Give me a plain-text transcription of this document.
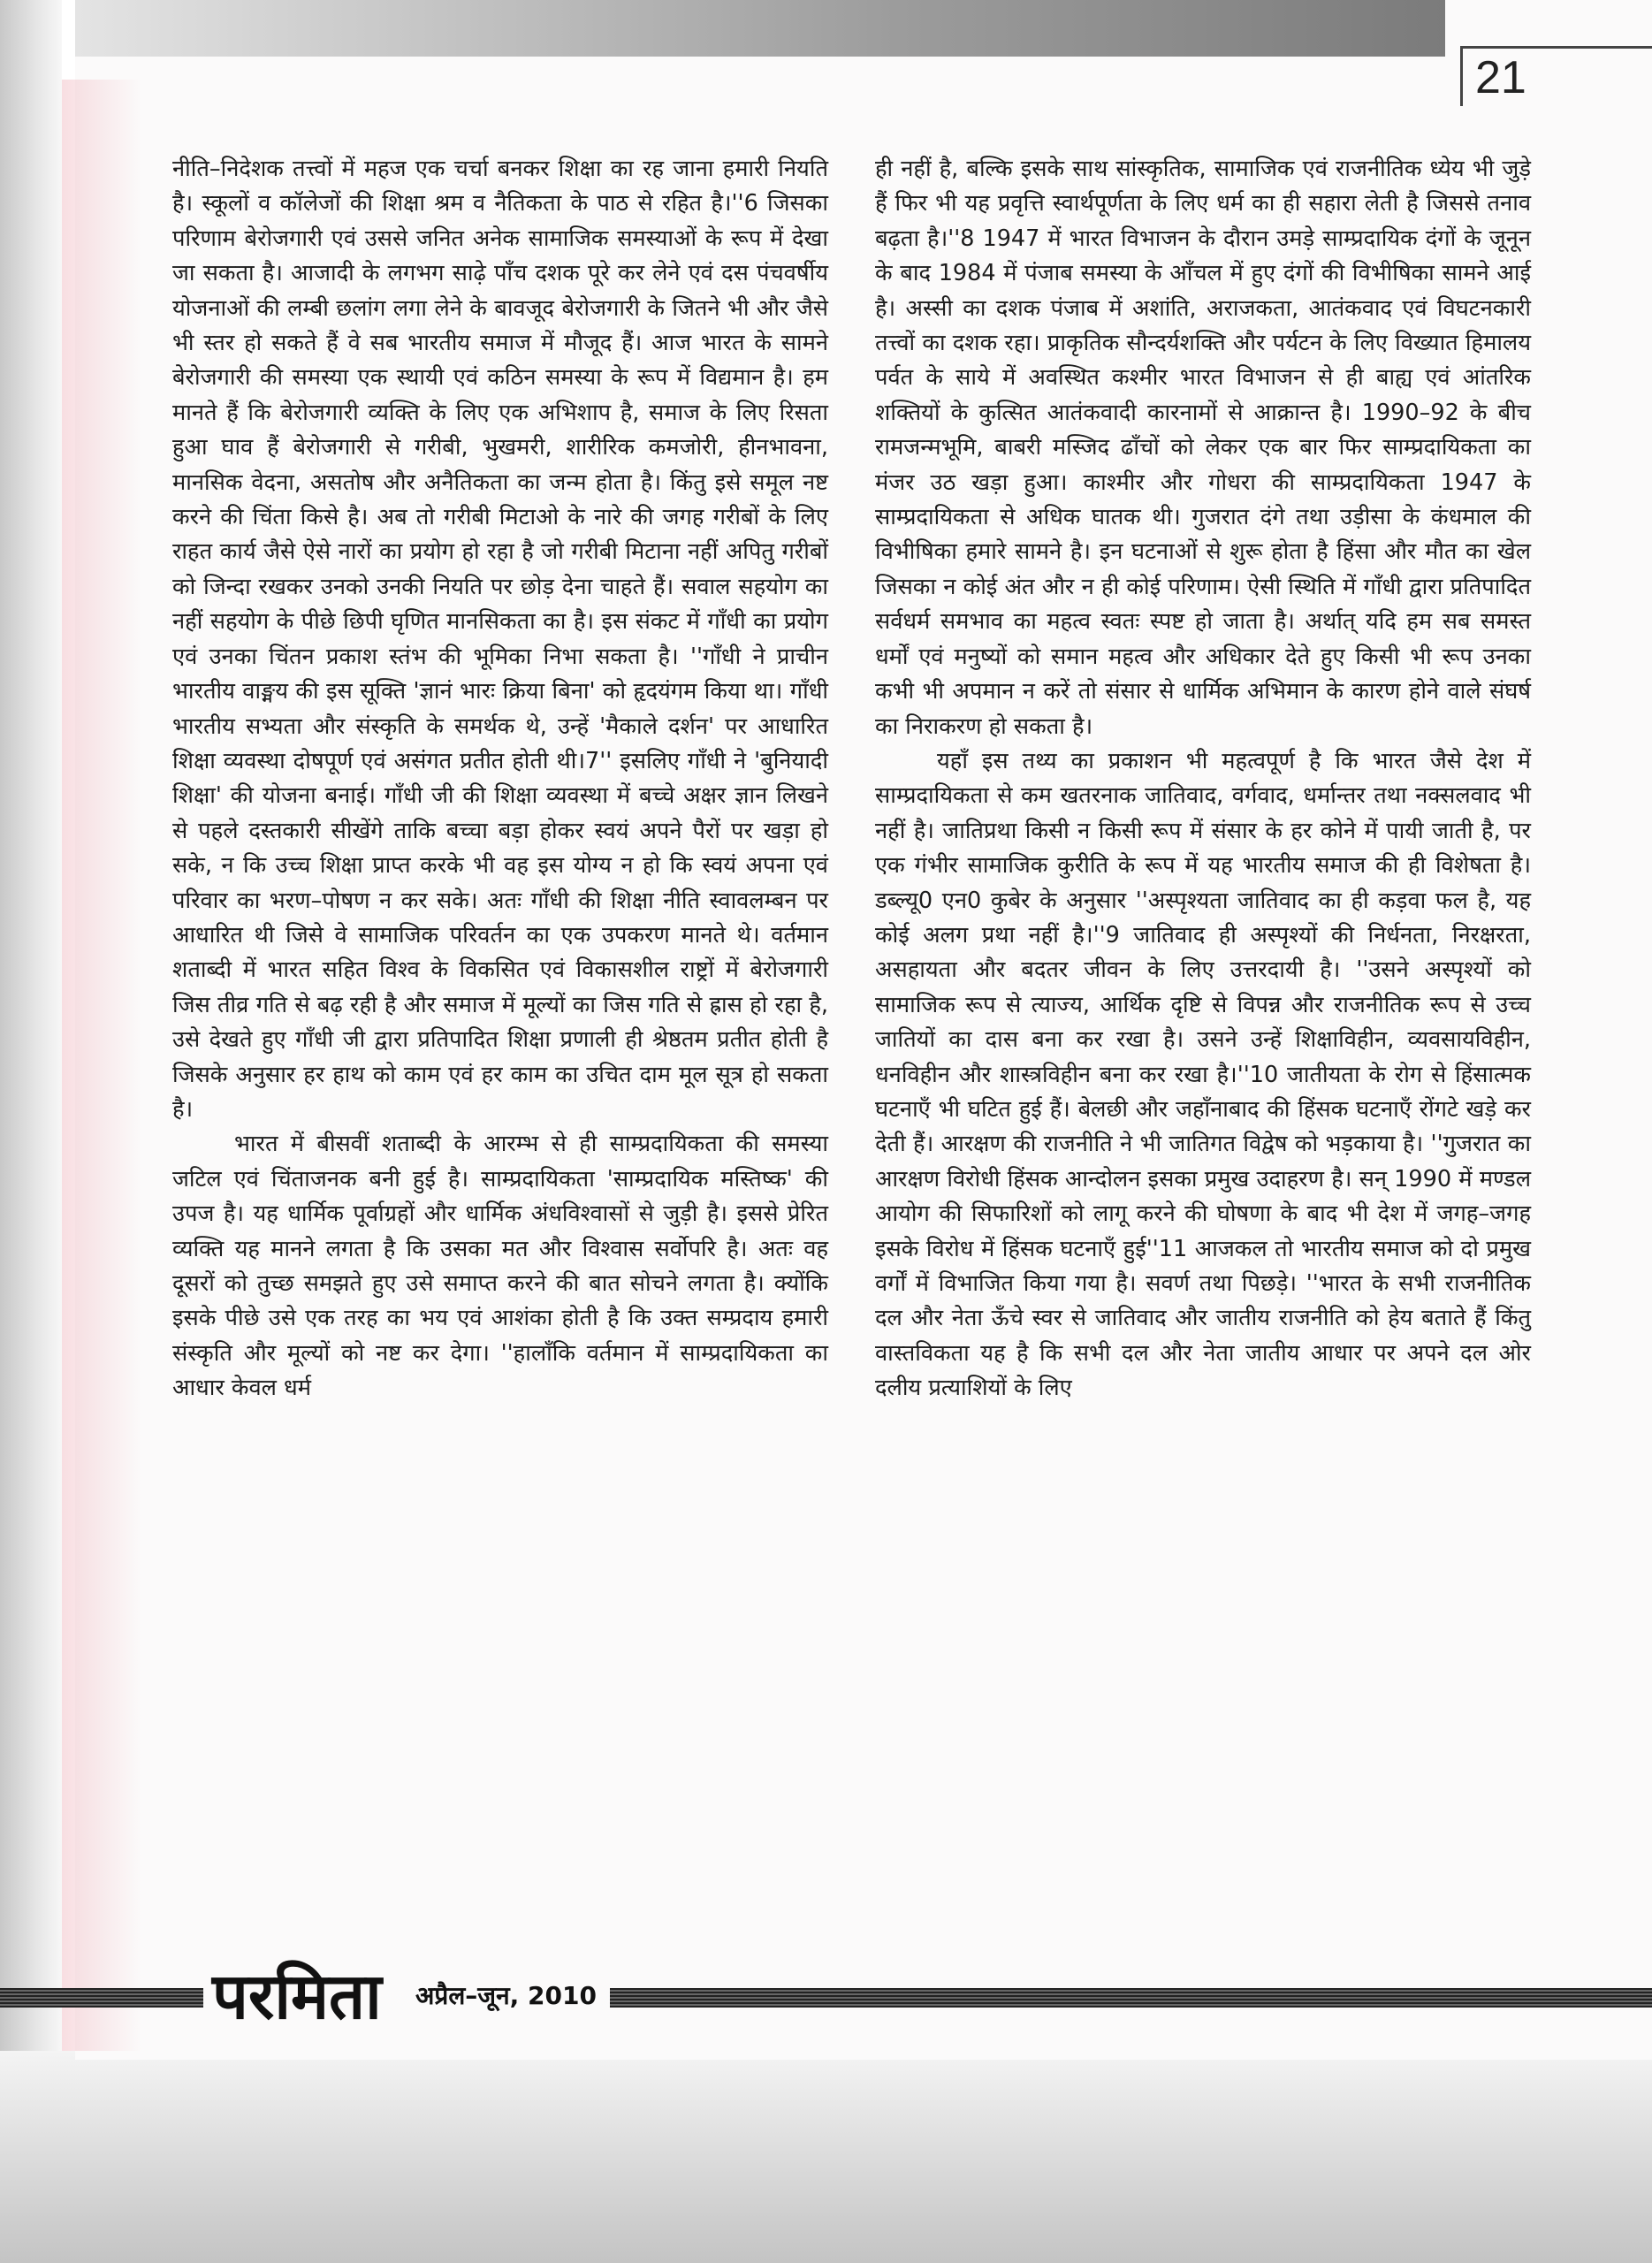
21

नीति–निदेशक तत्त्वों में महज एक चर्चा बनकर शिक्षा का रह जाना हमारी नियति है। स्कूलों व कॉलेजों की शिक्षा श्रम व नैतिकता के पाठ से रहित है।''6 जिसका परिणाम बेरोजगारी एवं उससे जनित अनेक सामाजिक समस्याओं के रूप में देखा जा सकता है। आजादी के लगभग साढ़े पाँच दशक पूरे कर लेने एवं दस पंचवर्षीय योजनाओं की लम्बी छलांग लगा लेने के बावजूद बेरोजगारी के जितने भी और जैसे भी स्तर हो सकते हैं वे सब भारतीय समाज में मौजूद हैं। आज भारत के सामने बेरोजगारी की समस्या एक स्थायी एवं कठिन समस्या के रूप में विद्यमान है। हम मानते हैं कि बेरोजगारी व्यक्ति के लिए एक अभिशाप है, समाज के लिए रिसता हुआ घाव हैं बेरोजगारी से गरीबी, भुखमरी, शारीरिक कमजोरी, हीनभावना, मानसिक वेदना, असतोष और अनैतिकता का जन्म होता है। किंतु इसे समूल नष्ट करने की चिंता किसे है। अब तो गरीबी मिटाओ के नारे की जगह गरीबों के लिए राहत कार्य जैसे ऐसे नारों का प्रयोग हो रहा है जो गरीबी मिटाना नहीं अपितु गरीबों को जिन्दा रखकर उनको उनकी नियति पर छोड़ देना चाहते हैं। सवाल सहयोग का नहीं सहयोग के पीछे छिपी घृणित मानसिकता का है। इस संकट में गाँधी का प्रयोग एवं उनका चिंतन प्रकाश स्तंभ की भूमिका निभा सकता है। ''गाँधी ने प्राचीन भारतीय वाङ्मय की इस सूक्ति 'ज्ञानं भारः क्रिया बिना' को हृदयंगम किया था। गाँधी भारतीय सभ्यता और संस्कृति के समर्थक थे, उन्हें 'मैकाले दर्शन' पर आधारित शिक्षा व्यवस्था दोषपूर्ण एवं असंगत प्रतीत होती थी।7'' इसलिए गाँधी ने 'बुनियादी शिक्षा' की योजना बनाई। गाँधी जी की शिक्षा व्यवस्था में बच्चे अक्षर ज्ञान लिखने से पहले दस्तकारी सीखेंगे ताकि बच्चा बड़ा होकर स्वयं अपने पैरों पर खड़ा हो सके, न कि उच्च शिक्षा प्राप्त करके भी वह इस योग्य न हो कि स्वयं अपना एवं परिवार का भरण–पोषण न कर सके। अतः गाँधी की शिक्षा नीति स्वावलम्बन पर आधारित थी जिसे वे सामाजिक परिवर्तन का एक उपकरण मानते थे। वर्तमान शताब्दी में भारत सहित विश्व के विकसित एवं विकासशील राष्ट्रों में बेरोजगारी जिस तीव्र गति से बढ़ रही है और समाज में मूल्यों का जिस गति से ह्रास हो रहा है, उसे देखते हुए गाँधी जी द्वारा प्रतिपादित शिक्षा प्रणाली ही श्रेष्ठतम प्रतीत होती है जिसके अनुसार हर हाथ को काम एवं हर काम का उचित दाम मूल सूत्र हो सकता है।

भारत में बीसवीं शताब्दी के आरम्भ से ही साम्प्रदायिकता की समस्या जटिल एवं चिंताजनक बनी हुई है। साम्प्रदायिकता 'साम्प्रदायिक मस्तिष्क' की उपज है। यह धार्मिक पूर्वाग्रहों और धार्मिक अंधविश्वासों से जुड़ी है। इससे प्रेरित व्यक्ति यह मानने लगता है कि उसका मत और विश्वास सर्वोपरि है। अतः वह दूसरों को तुच्छ समझते हुए उसे समाप्त करने की बात सोचने लगता है। क्योंकि इसके पीछे उसे एक तरह का भय एवं आशंका होती है कि उक्त सम्प्रदाय हमारी संस्कृति और मूल्यों को नष्ट कर देगा। ''हालाँकि वर्तमान में साम्प्रदायिकता का आधार केवल धर्म

ही नहीं है, बल्कि इसके साथ सांस्कृतिक, सामाजिक एवं राजनीतिक ध्येय भी जुड़े हैं फिर भी यह प्रवृत्ति स्वार्थपूर्णता के लिए धर्म का ही सहारा लेती है जिससे तनाव बढ़ता है।''8 1947 में भारत विभाजन के दौरान उमड़े साम्प्रदायिक दंगों के जूनून के बाद 1984 में पंजाब समस्या के आँचल में हुए दंगों की विभीषिका सामने आई है। अस्सी का दशक पंजाब में अशांति, अराजकता, आतंकवाद एवं विघटनकारी तत्त्वों का दशक रहा। प्राकृतिक सौन्दर्यशक्ति और पर्यटन के लिए विख्यात हिमालय पर्वत के साये में अवस्थित कश्मीर भारत विभाजन से ही बाह्य एवं आंतरिक शक्तियों के कुत्सित आतंकवादी कारनामों से आक्रान्त है। 1990–92 के बीच रामजन्मभूमि, बाबरी मस्जिद ढाँचों को लेकर एक बार फिर साम्प्रदायिकता का मंजर उठ खड़ा हुआ। काश्मीर और गोधरा की साम्प्रदायिकता 1947 के साम्प्रदायिकता से अधिक घातक थी। गुजरात दंगे तथा उड़ीसा के कंधमाल की विभीषिका हमारे सामने है। इन घटनाओं से शुरू होता है हिंसा और मौत का खेल जिसका न कोई अंत और न ही कोई परिणाम। ऐसी स्थिति में गाँधी द्वारा प्रतिपादित सर्वधर्म समभाव का महत्व स्वतः स्पष्ट हो जाता है। अर्थात् यदि हम सब समस्त धर्मों एवं मनुष्यों को समान महत्व और अधिकार देते हुए किसी भी रूप उनका कभी भी अपमान न करें तो संसार से धार्मिक अभिमान के कारण होने वाले संघर्ष का निराकरण हो सकता है।

यहाँ इस तथ्य का प्रकाशन भी महत्वपूर्ण है कि भारत जैसे देश में साम्प्रदायिकता से कम खतरनाक जातिवाद, वर्गवाद, धर्मान्तर तथा नक्सलवाद भी नहीं है। जातिप्रथा किसी न किसी रूप में संसार के हर कोने में पायी जाती है, पर एक गंभीर सामाजिक कुरीति के रूप में यह भारतीय समाज की ही विशेषता है। डब्ल्यू0 एन0 कुबेर के अनुसार ''अस्पृश्यता जातिवाद का ही कड़वा फल है, यह कोई अलग प्रथा नहीं है।''9 जातिवाद ही अस्पृश्यों की निर्धनता, निरक्षरता, असहायता और बदतर जीवन के लिए उत्तरदायी है। ''उसने अस्पृश्यों को सामाजिक रूप से त्याज्य, आर्थिक दृष्टि से विपन्न और राजनीतिक रूप से उच्च जातियों का दास बना कर रखा है। उसने उन्हें शिक्षाविहीन, व्यवसायविहीन, धनविहीन और शास्त्रविहीन बना कर रखा है।''10 जातीयता के रोग से हिंसात्मक घटनाएँ भी घटित हुई हैं। बेलछी और जहाँनाबाद की हिंसक घटनाएँ रोंगटे खड़े कर देती हैं। आरक्षण की राजनीति ने भी जातिगत विद्वेष को भड़काया है। ''गुजरात का आरक्षण विरोधी हिंसक आन्दोलन इसका प्रमुख उदाहरण है। सन् 1990 में मण्डल आयोग की सिफारिशों को लागू करने की घोषणा के बाद भी देश में जगह–जगह इसके विरोध में हिंसक घटनाएँ हुई''11 आजकल तो भारतीय समाज को दो प्रमुख वर्गों में विभाजित किया गया है। सवर्ण तथा पिछड़े। ''भारत के सभी राजनीतिक दल और नेता ऊँचे स्वर से जातिवाद और जातीय राजनीति को हेय बताते हैं किंतु वास्तविकता यह है कि सभी दल और नेता जातीय आधार पर अपने दल ओर दलीय प्रत्याशियों के लिए

परमिता अप्रैल–जून, 2010
